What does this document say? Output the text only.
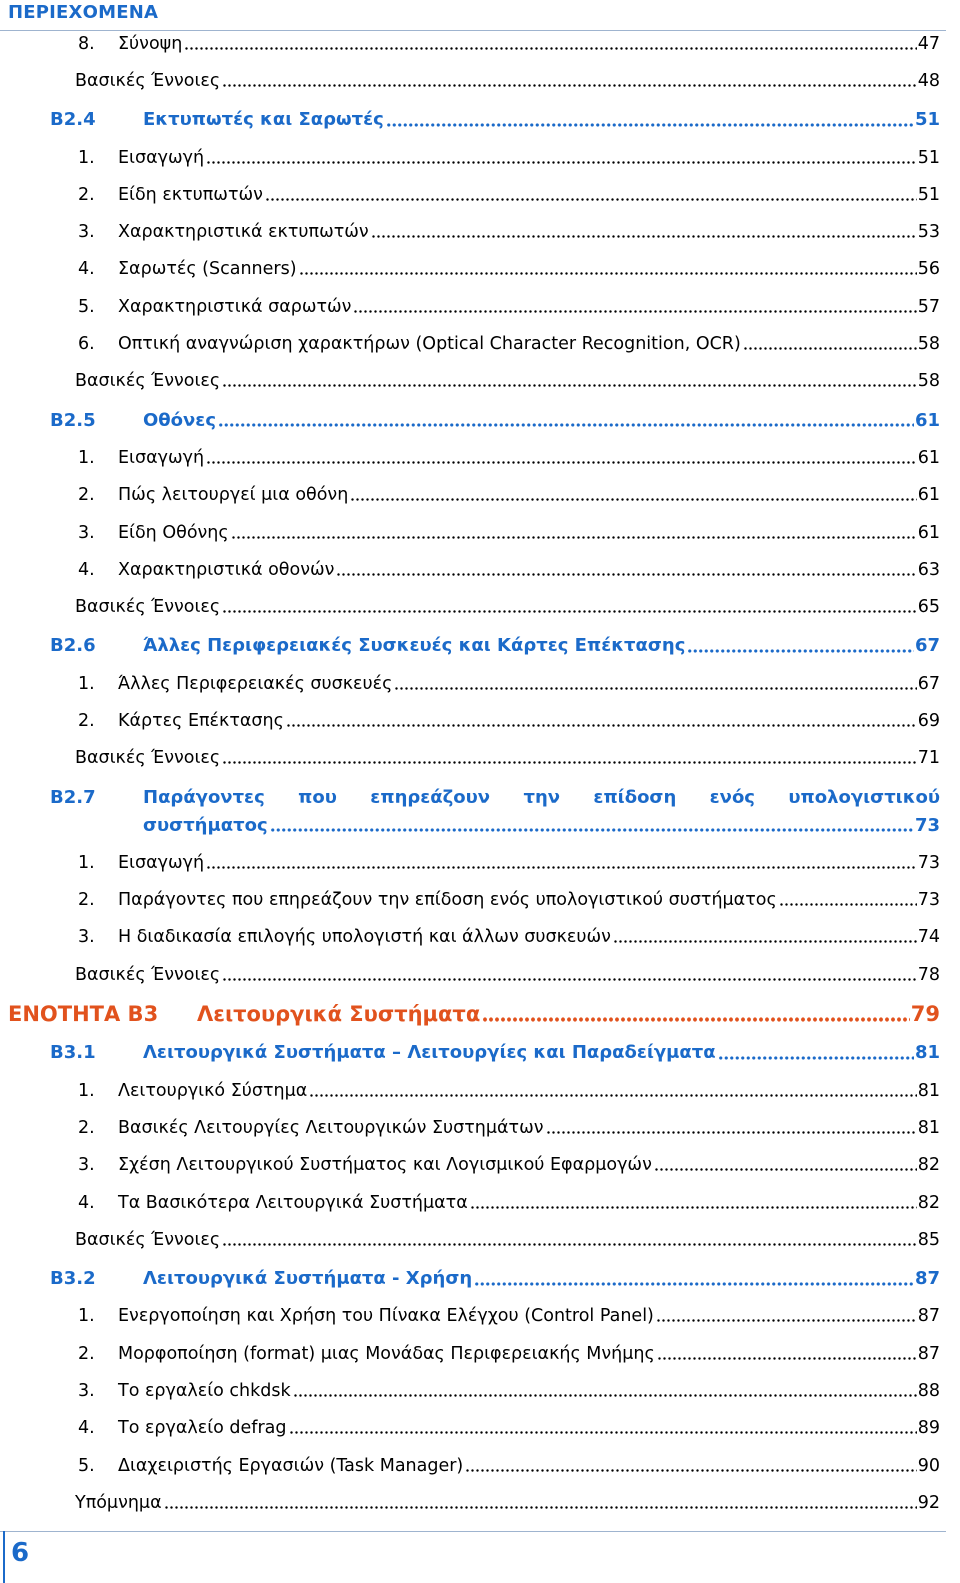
ΠΕΡΙΕΧΟΜΕΝΑ
8.	Σύνοψη	47
Βασικές Έννοιες	48
Β2.4	Εκτυπωτές και Σαρωτές	51
1.	Εισαγωγή	51
2.	Είδη εκτυπωτών	51
3.	Χαρακτηριστικά εκτυπωτών	53
4.	Σαρωτές (Scanners)	56
5.	Χαρακτηριστικά σαρωτών	57
6.	Οπτική αναγνώριση χαρακτήρων (Optical Character Recognition, OCR)	58
Βασικές Έννοιες	58
Β2.5	Οθόνες	61
1.	Εισαγωγή	61
2.	Πώς λειτουργεί μια οθόνη	61
3.	Είδη Οθόνης	61
4.	Χαρακτηριστικά οθονών	63
Βασικές Έννοιες	65
Β2.6	Άλλες Περιφερειακές Συσκευές και Κάρτες Επέκτασης	67
1.	Άλλες Περιφερειακές συσκευές	67
2.	Κάρτες Επέκτασης	69
Βασικές Έννοιες	71
Β2.7	Παράγοντες που επηρεάζουν την επίδοση ενός υπολογιστικού
συστήματος	73
1.	Εισαγωγή	73
2.	Παράγοντες που επηρεάζουν την επίδοση ενός υπολογιστικού συστήματος	73
3.	Η διαδικασία επιλογής υπολογιστή και άλλων συσκευών	74
Βασικές Έννοιες	78
ΕΝΟΤΗΤΑ Β3	Λειτουργικά Συστήματα	79
Β3.1	Λειτουργικά Συστήματα – Λειτουργίες και Παραδείγματα	81
1.	Λειτουργικό Σύστημα	81
2.	Βασικές Λειτουργίες Λειτουργικών Συστημάτων	81
3.	Σχέση Λειτουργικού Συστήματος και Λογισμικού Εφαρμογών	82
4.	Τα Βασικότερα Λειτουργικά Συστήματα	82
Βασικές Έννοιες	85
Β3.2	Λειτουργικά Συστήματα - Χρήση	87
1.	Ενεργοποίηση και Χρήση του Πίνακα Ελέγχου (Control Panel)	87
2.	Μορφοποίηση (format) μιας Μονάδας Περιφερειακής Μνήμης	87
3.	Το εργαλείο chkdsk	88
4.	Το εργαλείο defrag	89
5.	Διαχειριστής Εργασιών (Task Manager)	90
Υπόμνημα	92
6
